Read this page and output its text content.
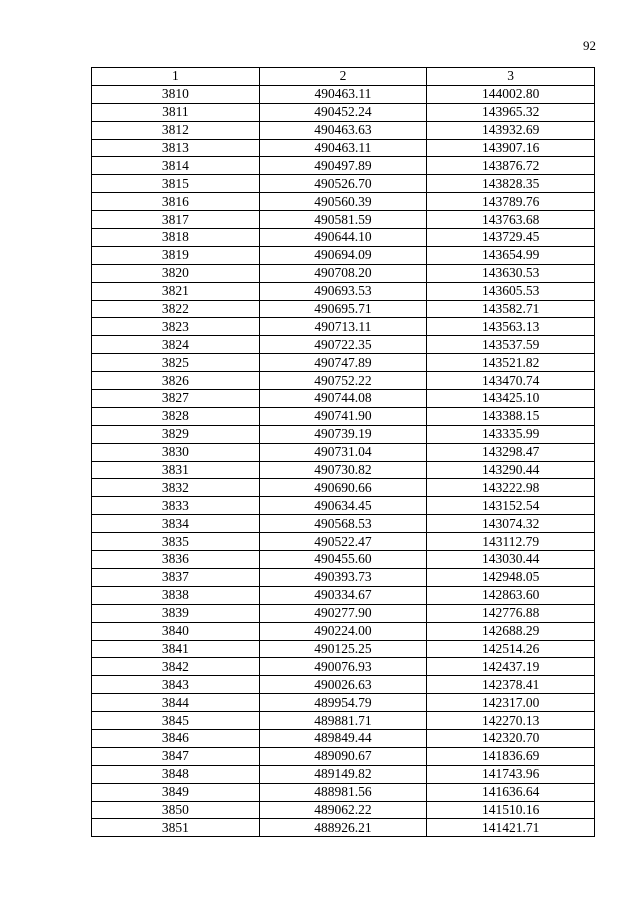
92
1	2	3
3810	490463.11	144002.80
3811	490452.24	143965.32
3812	490463.63	143932.69
3813	490463.11	143907.16
3814	490497.89	143876.72
3815	490526.70	143828.35
3816	490560.39	143789.76
3817	490581.59	143763.68
3818	490644.10	143729.45
3819	490694.09	143654.99
3820	490708.20	143630.53
3821	490693.53	143605.53
3822	490695.71	143582.71
3823	490713.11	143563.13
3824	490722.35	143537.59
3825	490747.89	143521.82
3826	490752.22	143470.74
3827	490744.08	143425.10
3828	490741.90	143388.15
3829	490739.19	143335.99
3830	490731.04	143298.47
3831	490730.82	143290.44
3832	490690.66	143222.98
3833	490634.45	143152.54
3834	490568.53	143074.32
3835	490522.47	143112.79
3836	490455.60	143030.44
3837	490393.73	142948.05
3838	490334.67	142863.60
3839	490277.90	142776.88
3840	490224.00	142688.29
3841	490125.25	142514.26
3842	490076.93	142437.19
3843	490026.63	142378.41
3844	489954.79	142317.00
3845	489881.71	142270.13
3846	489849.44	142320.70
3847	489090.67	141836.69
3848	489149.82	141743.96
3849	488981.56	141636.64
3850	489062.22	141510.16
3851	488926.21	141421.71
